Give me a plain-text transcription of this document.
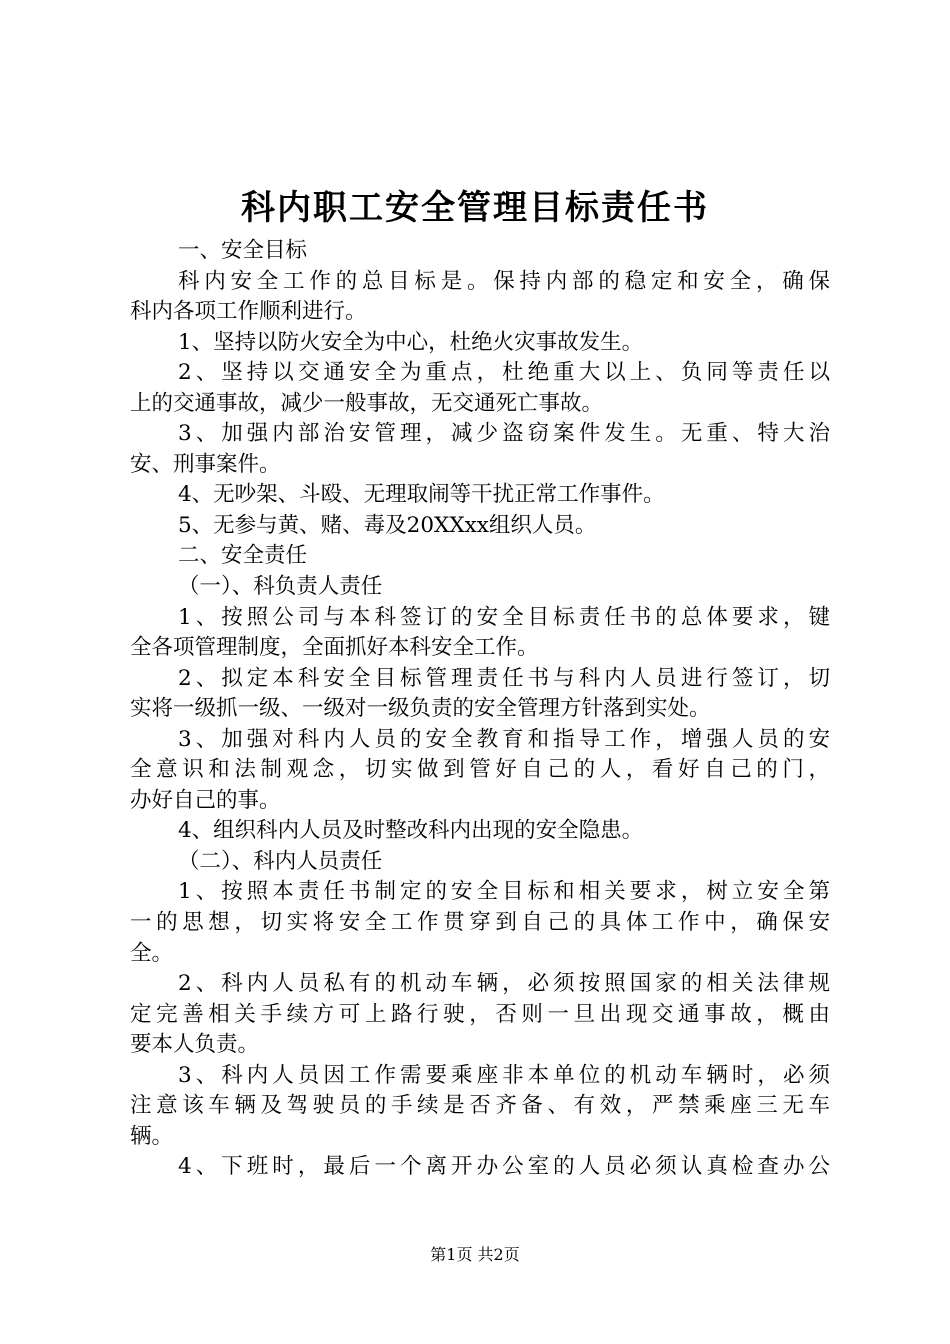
科内职工安全管理目标责任书
一、安全目标
科内安全工作的总目标是。保持内部的稳定和安全，确保
科内各项工作顺利进行。
1、坚持以防火安全为中心，杜绝火灾事故发生。
2、坚持以交通安全为重点，杜绝重大以上、负同等责任以
上的交通事故，减少一般事故，无交通死亡事故。
3、加强内部治安管理，减少盗窃案件发生。无重、特大治
安、刑事案件。
4、无吵架、斗殴、无理取闹等干扰正常工作事件。
5、无参与黄、赌、毒及20XXxx组织人员。
二、安全责任
（一）、科负责人责任
1、按照公司与本科签订的安全目标责任书的总体要求，键
全各项管理制度，全面抓好本科安全工作。
2、拟定本科安全目标管理责任书与科内人员进行签订，切
实将一级抓一级、一级对一级负责的安全管理方针落到实处。
3、加强对科内人员的安全教育和指导工作，增强人员的安
全意识和法制观念，切实做到管好自己的人，看好自己的门，
办好自己的事。
4、组织科内人员及时整改科内出现的安全隐患。
（二）、科内人员责任
1、按照本责任书制定的安全目标和相关要求，树立安全第
一的思想，切实将安全工作贯穿到自己的具体工作中，确保安
全。
2、科内人员私有的机动车辆，必须按照国家的相关法律规
定完善相关手续方可上路行驶，否则一旦出现交通事故，概由
要本人负责。
3、科内人员因工作需要乘座非本单位的机动车辆时，必须
注意该车辆及驾驶员的手续是否齐备、有效，严禁乘座三无车
辆。
4、下班时，最后一个离开办公室的人员必须认真检查办公
第1页 共2页
